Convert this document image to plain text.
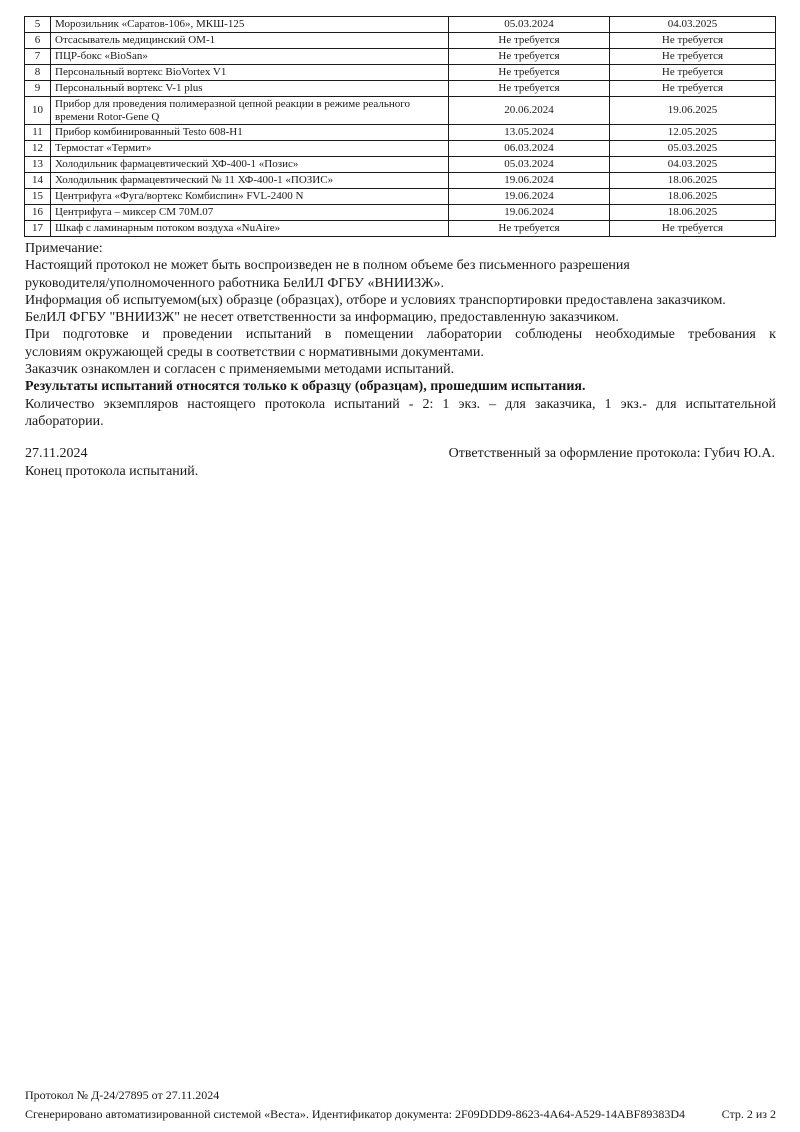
5	Морозильник «Саратов-106», МКШ-125	05.03.2024	04.03.2025
6	Отсасыватель медицинский ОМ-1	Не требуется	Не требуется
7	ПЦР-бокс «BioSan»	Не требуется	Не требуется
8	Персональный вортекс BioVortex V1	Не требуется	Не требуется
9	Персональный вортекс V-1 plus	Не требуется	Не требуется
10	Прибор для проведения полимеразной цепной реакции в режиме реального времени Rotor-Gene Q	20.06.2024	19.06.2025
11	Прибор комбинированный Testo 608-H1	13.05.2024	12.05.2025
12	Термостат «Термит»	06.03.2024	05.03.2025
13	Холодильник фармацевтический ХФ-400-1 «Позис»	05.03.2024	04.03.2025
14	Холодильник фармацевтический № 11 ХФ-400-1 «ПОЗИС»	19.06.2024	18.06.2025
15	Центрифуга «Фуга/вортекс Комбиспин» FVL-2400 N	19.06.2024	18.06.2025
16	Центрифуга – миксер СМ 70М.07	19.06.2024	18.06.2025
17	Шкаф с ламинарным потоком воздуха «NuAire»	Не требуется	Не требуется
Примечание:
Настоящий протокол не может быть воспроизведен не в полном объеме без письменного разрешения
руководителя/уполномоченного работника БелИЛ ФГБУ «ВНИИЗЖ».
Информация об испытуемом(ых) образце (образцах), отборе и условиях транспортировки предоставлена заказчиком.
БелИЛ ФГБУ "ВНИИЗЖ" не несет ответственности за информацию, предоставленную заказчиком.
При подготовке и проведении испытаний в помещении лаборатории соблюдены необходимые требования к
условиям окружающей среды в соответствии с нормативными документами.
Заказчик ознакомлен и согласен с применяемыми методами испытаний.
Результаты испытаний относятся только к образцу (образцам), прошедшим испытания.
Количество экземпляров настоящего протокола испытаний - 2: 1 экз. – для заказчика, 1 экз.- для испытательной
лаборатории.
27.11.2024	Ответственный за оформление протокола: Губич Ю.А.
Конец протокола испытаний.
Протокол № Д-24/27895 от 27.11.2024
Сгенерировано автоматизированной системой «Веста». Идентификатор документа: 2F09DDD9-8623-4A64-A529-14ABF89383D4	Стр. 2 из 2
